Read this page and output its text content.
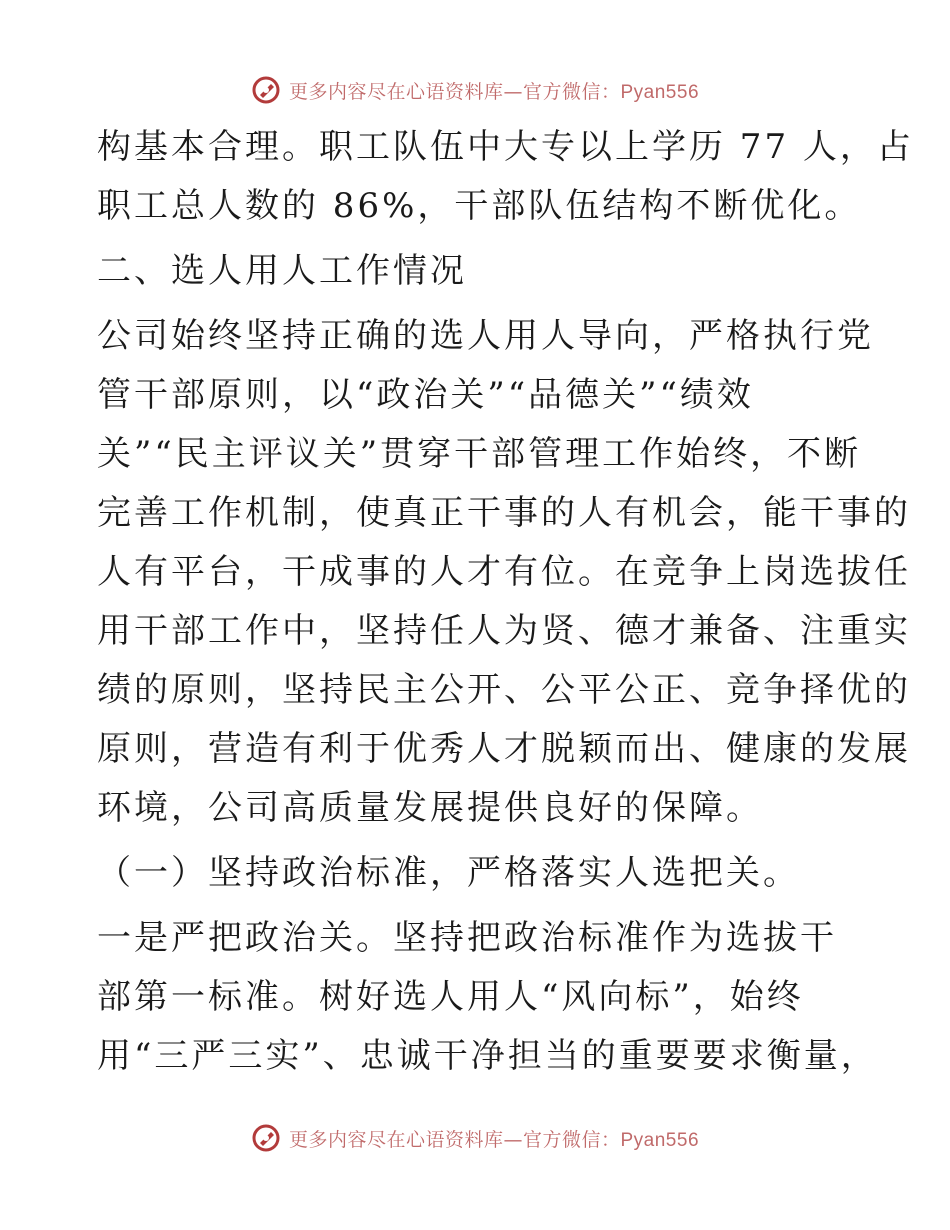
更多内容尽在心语资料库—官方微信：Pyan556
构基本合理。职工队伍中大专以上学历 77 人，占
职工总人数的 86%，干部队伍结构不断优化。
二、选人用人工作情况
公司始终坚持正确的选人用人导向，严格执行党
管干部原则，以“政治关”“品德关”“绩效
关”“民主评议关”贯穿干部管理工作始终，不断
完善工作机制，使真正干事的人有机会，能干事的
人有平台，干成事的人才有位。在竞争上岗选拔任
用干部工作中，坚持任人为贤、德才兼备、注重实
绩的原则，坚持民主公开、公平公正、竞争择优的
原则，营造有利于优秀人才脱颖而出、健康的发展
环境，公司高质量发展提供良好的保障。
（一）坚持政治标准，严格落实人选把关。
一是严把政治关。坚持把政治标准作为选拔干
部第一标准。树好选人用人“风向标”，始终
用“三严三实”、忠诚干净担当的重要要求衡量，
更多内容尽在心语资料库—官方微信：Pyan556
